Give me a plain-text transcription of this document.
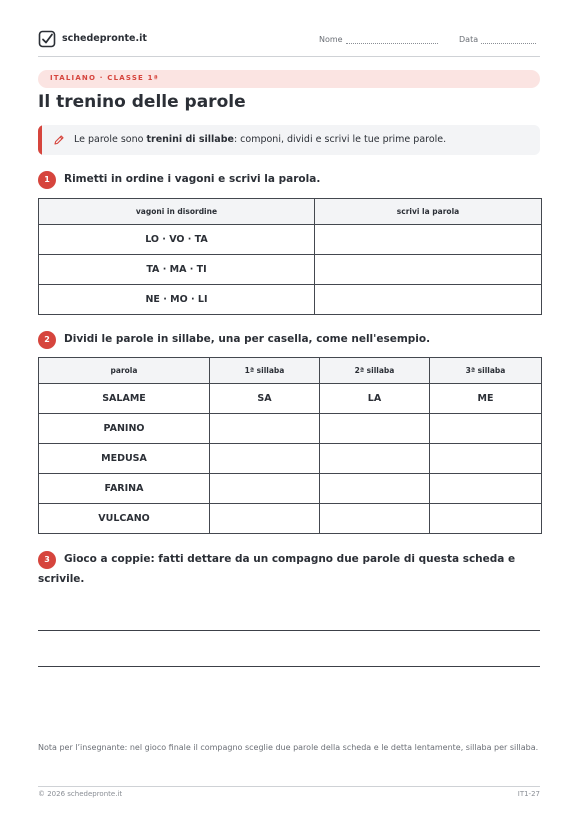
schedepronte.it	Nome	Data
ITALIANO · CLASSE 1ª
Il trenino delle parole
Le parole sono trenini di sillabe: componi, dividi e scrivi le tue prime parole.
1	Rimetti in ordine i vagoni e scrivi la parola.
vagoni in disordine	scrivi la parola
LO · VO · TA	
TA · MA · TI	
NE · MO · LI	
2	Dividi le parole in sillabe, una per casella, come nell'esempio.
parola	1ª sillaba	2ª sillaba	3ª sillaba
SALAME	SA	LA	ME
PANINO			
MEDUSA			
FARINA			
VULCANO			
3	Gioco a coppie: fatti dettare da un compagno due parole di questa scheda e
scrivile.
Nota per l’insegnante: nel gioco finale il compagno sceglie due parole della scheda e le detta lentamente, sillaba per sillaba.
© 2026 schedepronte.it	IT1-27
